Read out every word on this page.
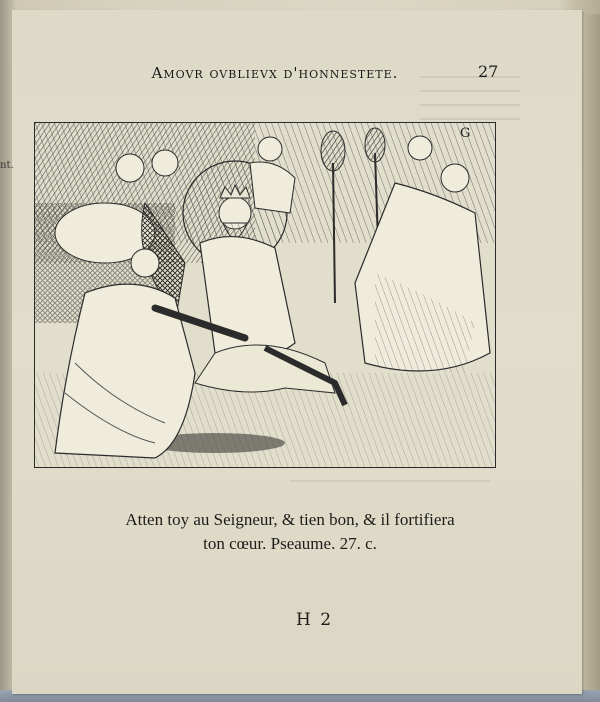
nt.
Amovr ovblievx d'honnestete.	27
G
Atten toy au Seigneur, & tien bon, & il fortifiera
ton cœur. Pseaume. 27. c.
H 2
